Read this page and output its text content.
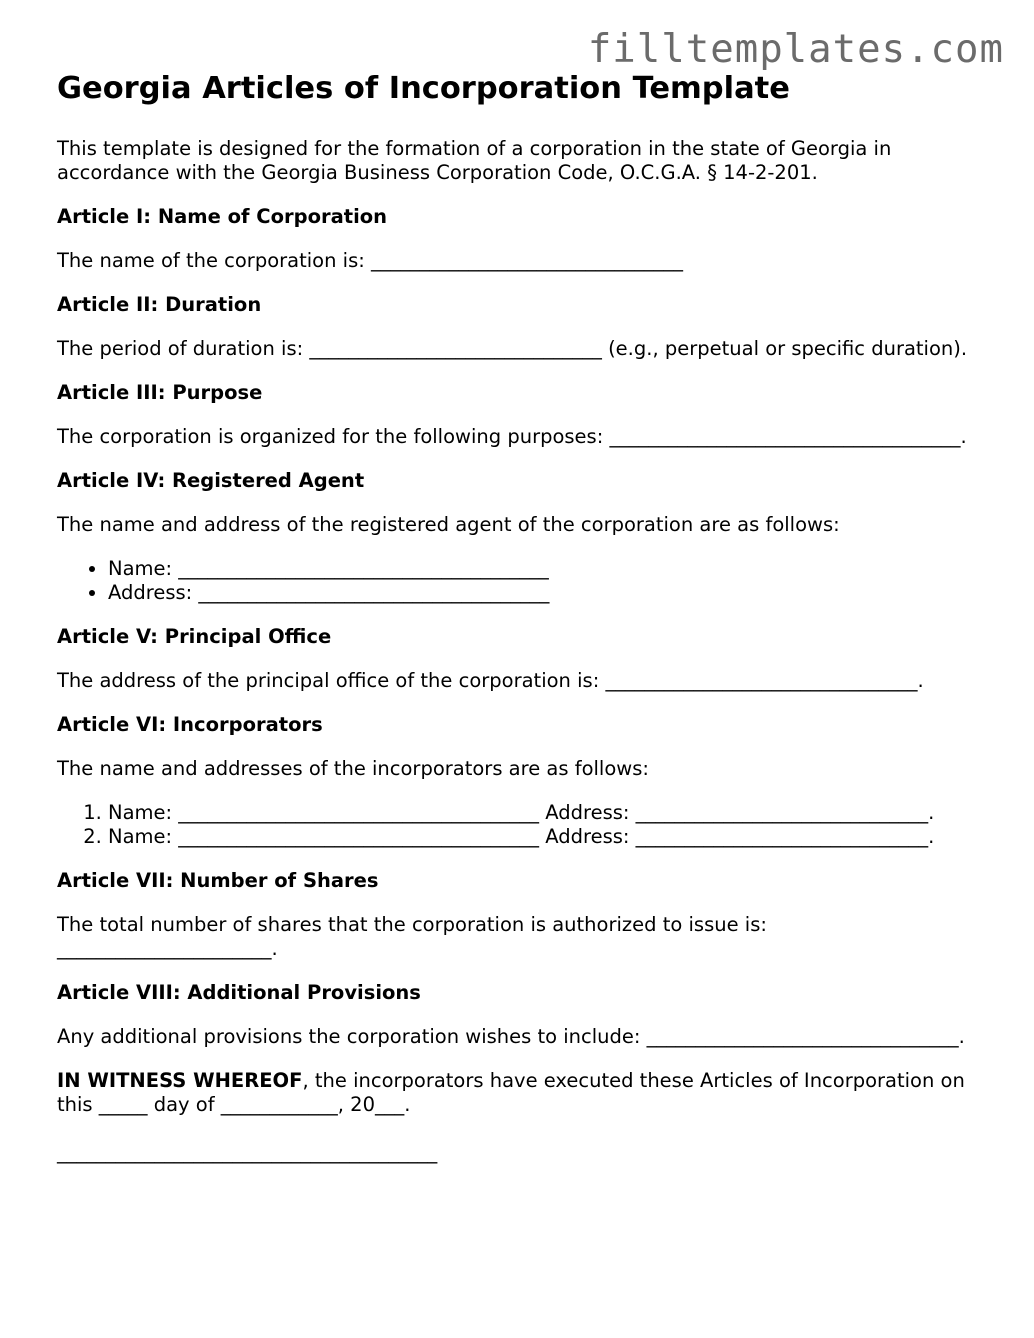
filltemplates.com
Georgia Articles of Incorporation Template

This template is designed for the formation of a corporation in the state of Georgia in accordance with the Georgia Business Corporation Code, O.C.G.A. § 14-2-201.

Article I: Name of Corporation

The name of the corporation is: ________________________________

Article II: Duration

The period of duration is: ______________________________ (e.g., perpetual or specific duration).

Article III: Purpose

The corporation is organized for the following purposes: ____________________________________.

Article IV: Registered Agent

The name and address of the registered agent of the corporation are as follows:

• Name: ______________________________________
• Address: ____________________________________
Article V: Principal Office

The address of the principal office of the corporation is: ________________________________.

Article VI: Incorporators

The name and addresses of the incorporators are as follows:

1. Name: _____________________________________ Address: ______________________________.
2. Name: _____________________________________ Address: ______________________________.
Article VII: Number of Shares

The total number of shares that the corporation is authorized to issue is: ______________________.

Article VIII: Additional Provisions

Any additional provisions the corporation wishes to include: ________________________________.

IN WITNESS WHEREOF, the incorporators have executed these Articles of Incorporation on this _____ day of ____________, 20___.

_______________________________________
